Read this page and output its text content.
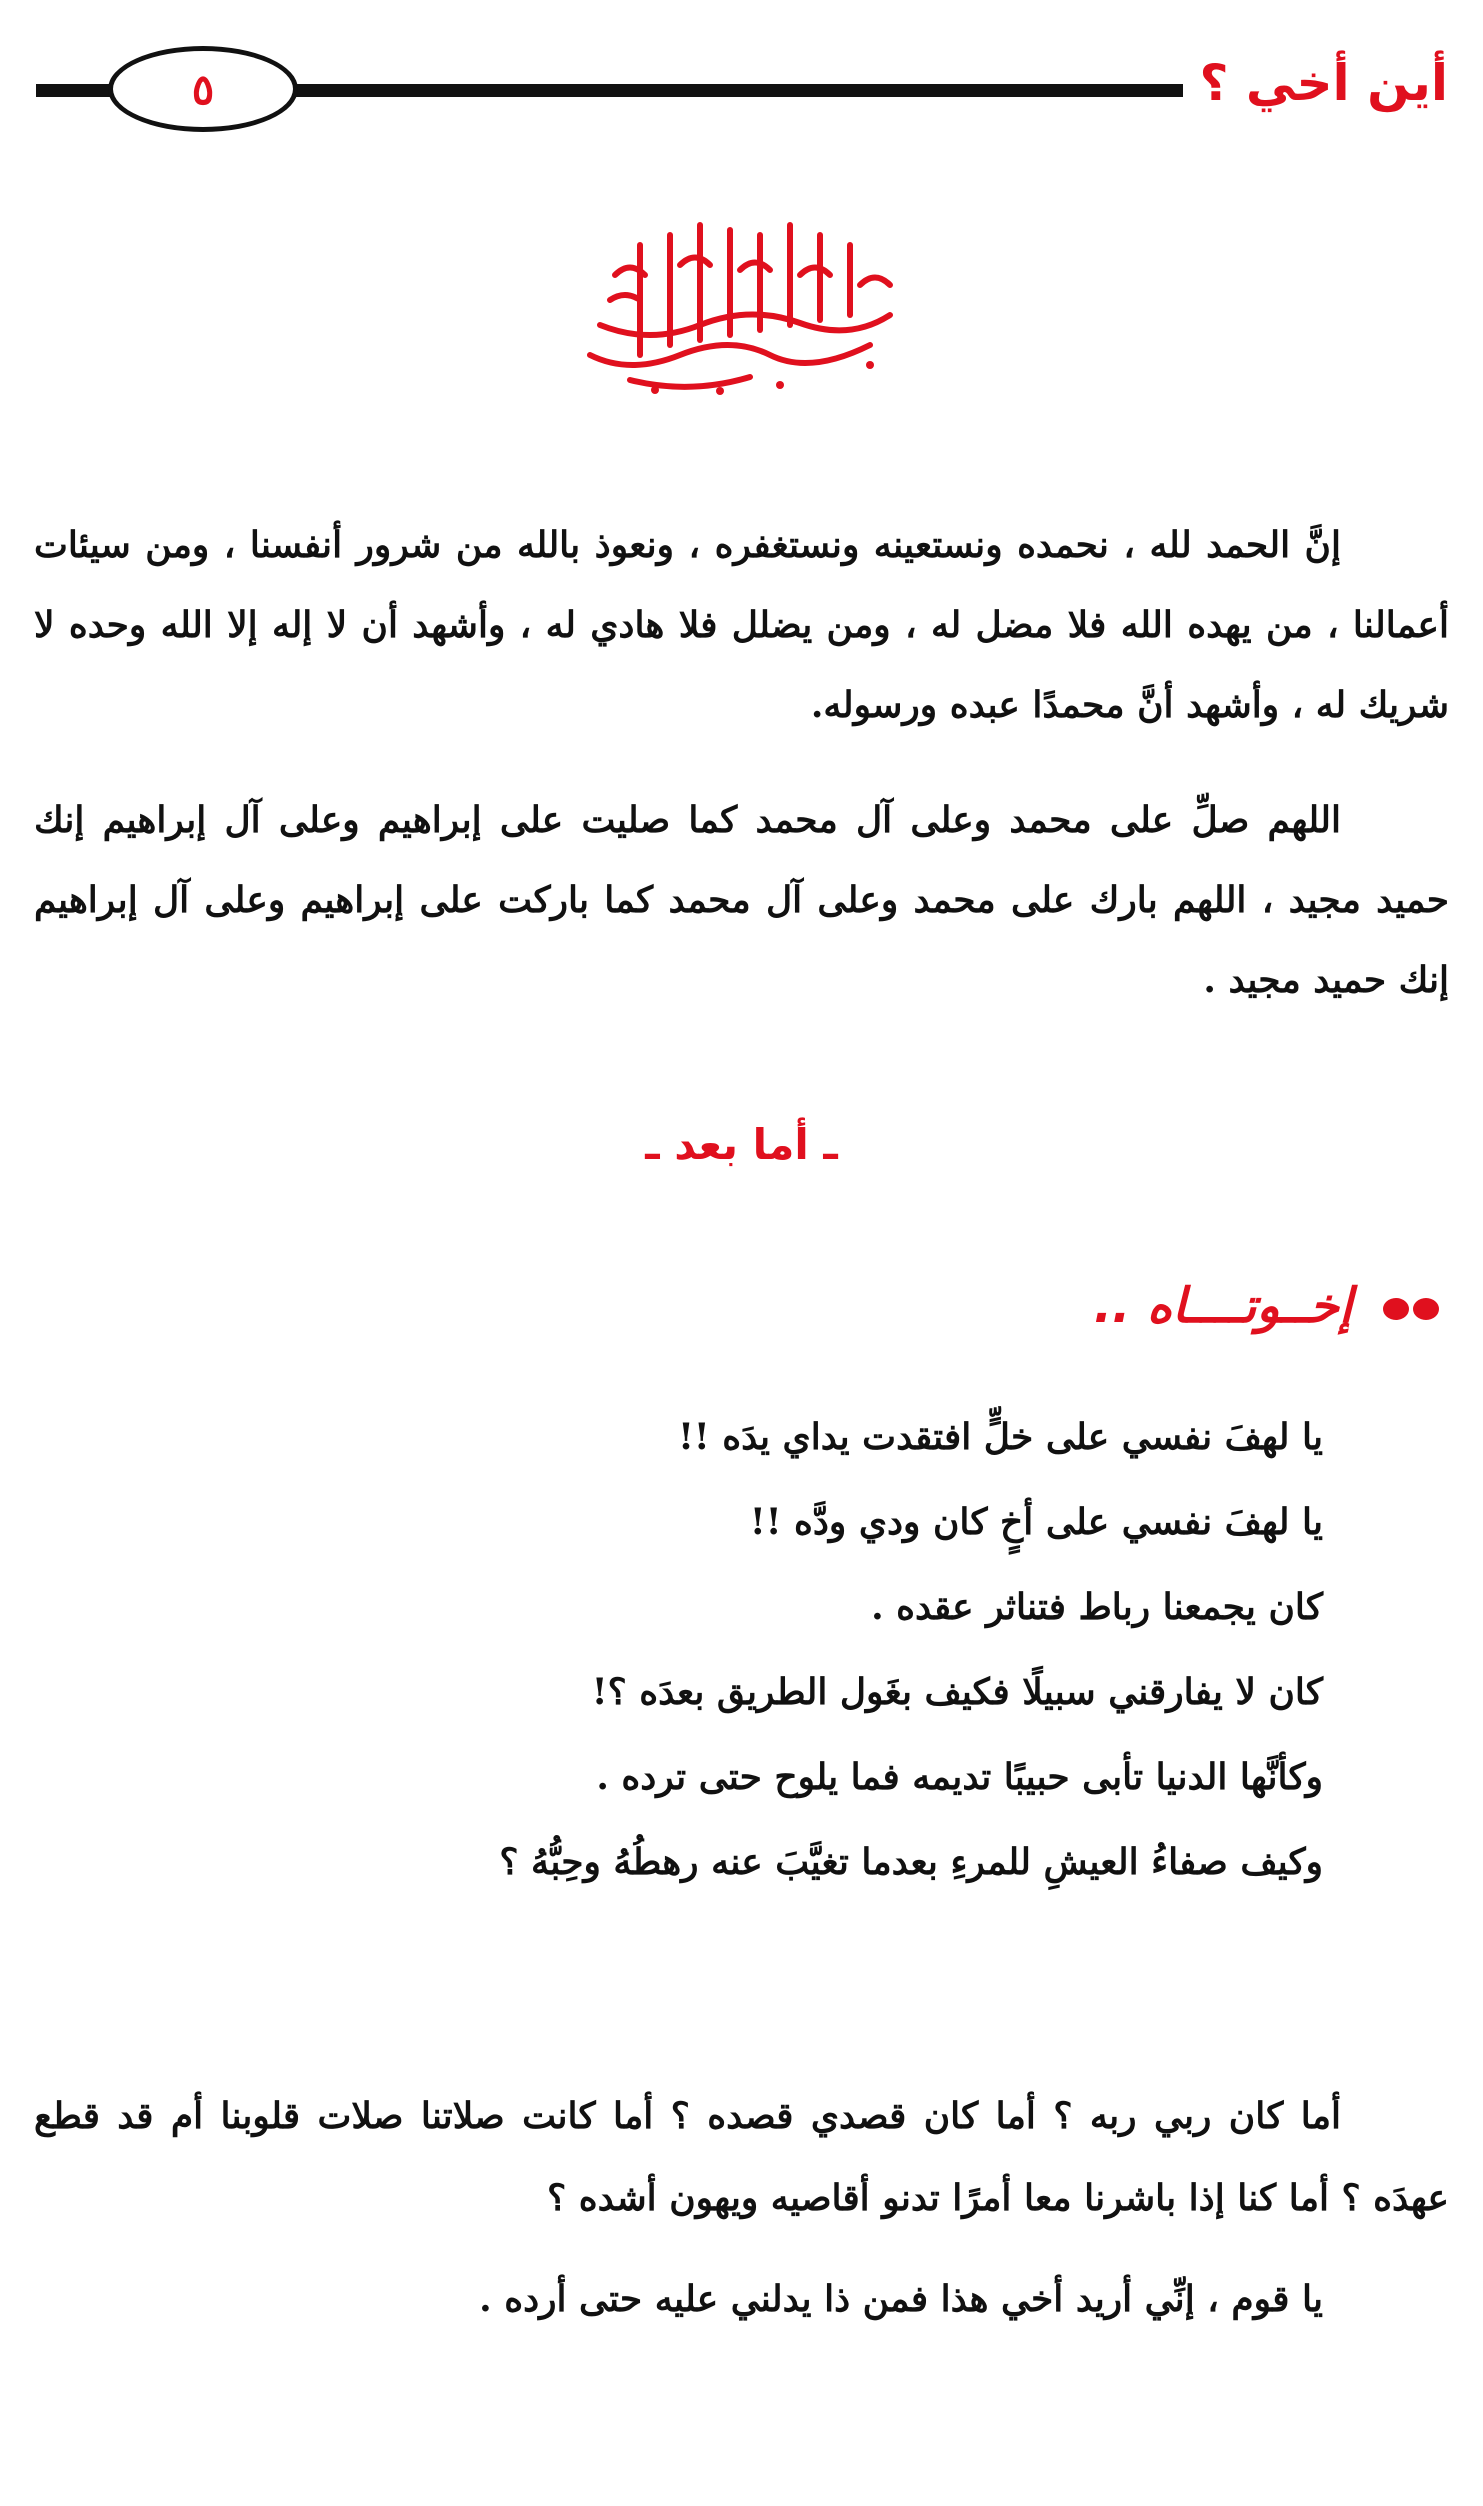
٥	أين أخي ؟

إنَّ الحمد لله ، نحمده ونستعينه ونستغفره ، ونعوذ بالله من شرور أنفسنا ، ومن سيئات أعمالنا ، من يهده الله فلا مضل له ، ومن يضلل فلا هادي له ، وأشهد أن لا إله إلا الله وحده لا شريك له ، وأشهد أنَّ محمدًا عبده ورسوله.

اللهم صلِّ على محمد وعلى آل محمد كما صليت على إبراهيم وعلى آل إبراهيم إنك حميد مجيد ، اللهم بارك على محمد وعلى آل محمد كما باركت على إبراهيم وعلى آل إبراهيم إنك حميد مجيد .

ـ أما بعد ـ
إخــوتــــاه ..
يا لهفَ نفسي على خلٍّ افتقدت يداي يدَه !!
يا لهفَ نفسي على أخٍ كان ودي ودَّه !!
كان يجمعنا رباط فتناثر عقده .
كان لا يفارقني سبيلًا فكيف بغَول الطريق بعدَه ؟!
وكأنَّها الدنيا تأبى حبيبًا تديمه فما يلوح حتى ترده .
وكيف صفاءُ العيشِ للمرءِ بعدما تغيَّبَ عنه رهطُهُ وحِبُّهُ ؟

أما كان ربي ربه ؟ أما كان قصدي قصده ؟ أما كانت صلاتنا صلات قلوبنا أم قد قطع عهدَه ؟ أما كنا إذا باشرنا معا أمرًا تدنو أقاصيه ويهون أشده ؟

يا قوم ، إنِّي أريد أخي هذا فمن ذا يدلني عليه حتى أرده .
